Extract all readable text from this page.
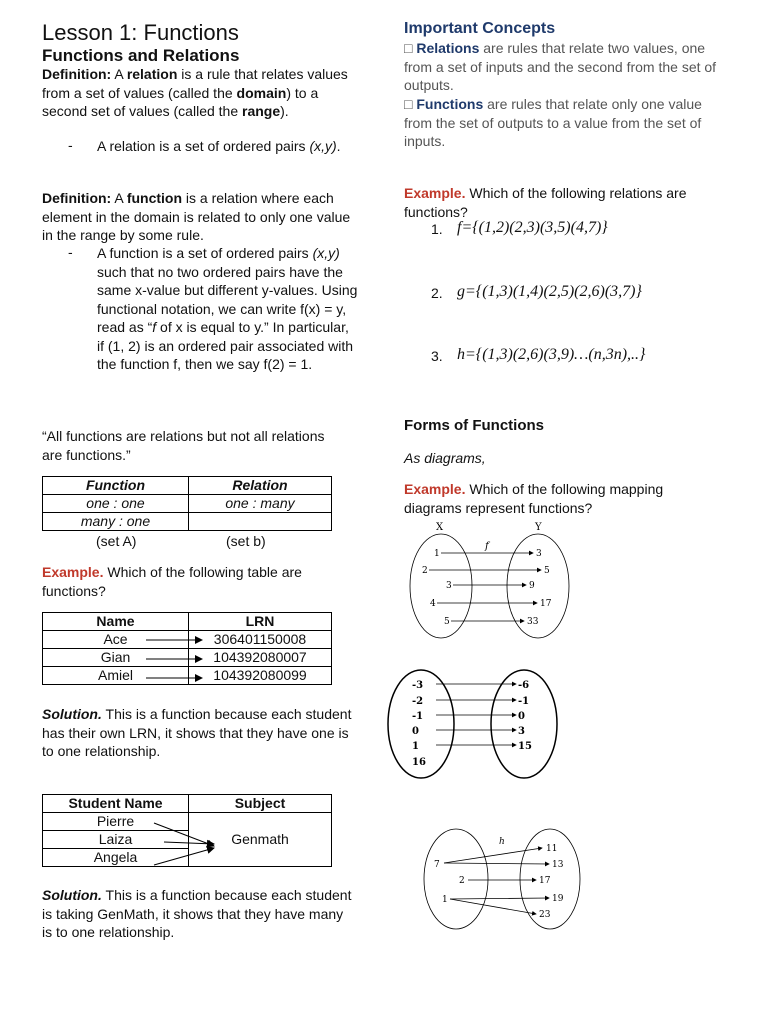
Lesson 1: Functions
Functions and Relations
Definition: A relation is a rule that relates values from a set of values (called the domain) to a second set of values (called the range).
- A relation is a set of ordered pairs (x,y).
Definition: A function is a relation where each element in the domain is related to only one value in the range by some rule.
- A function is a set of ordered pairs (x,y) such that no two ordered pairs have the same x-value but different y-values. Using functional notation, we can write f(x) = y, read as “f of x is equal to y.” In particular, if (1, 2) is an ordered pair associated with the function f, then we say f(2) = 1.
“All functions are relations but not all relations are functions.”
Function	Relation
one : one	one : many
many : one	
(set A)	(set b)
Example. Which of the following table are functions?
Name	LRN
Ace	306401150008
Gian	104392080007
Amiel	104392080099
Solution. This is a function because each student has their own LRN, it shows that they have one is to one relationship.
Student Name	Subject
Pierre	
Laiza	Genmath
Angela	
Solution. This is a function because each student is taking GenMath, it shows that they have many is to one relationship.
Important Concepts
□ Relations are rules that relate two values, one from a set of inputs and the second from the set of outputs.
□ Functions are rules that relate only one value from the set of outputs to a value from the set of inputs.
Example. Which of the following relations are functions?
1. f={(1,2)(2,3)(3,5)(4,7)}
2. g={(1,3)(1,4)(2,5)(2,6)(3,7)}
3. h={(1,3)(2,6)(3,9)…(n,3n),..}
Forms of Functions
As diagrams,
Example. Which of the following mapping diagrams represent functions?
X	Y
f
1
2
3
4
5
3
5
9
17
33
-3
-2
-1
0
1
16
-6
-1
0
3
15
h
7
2
1
11
13
17
19
23
